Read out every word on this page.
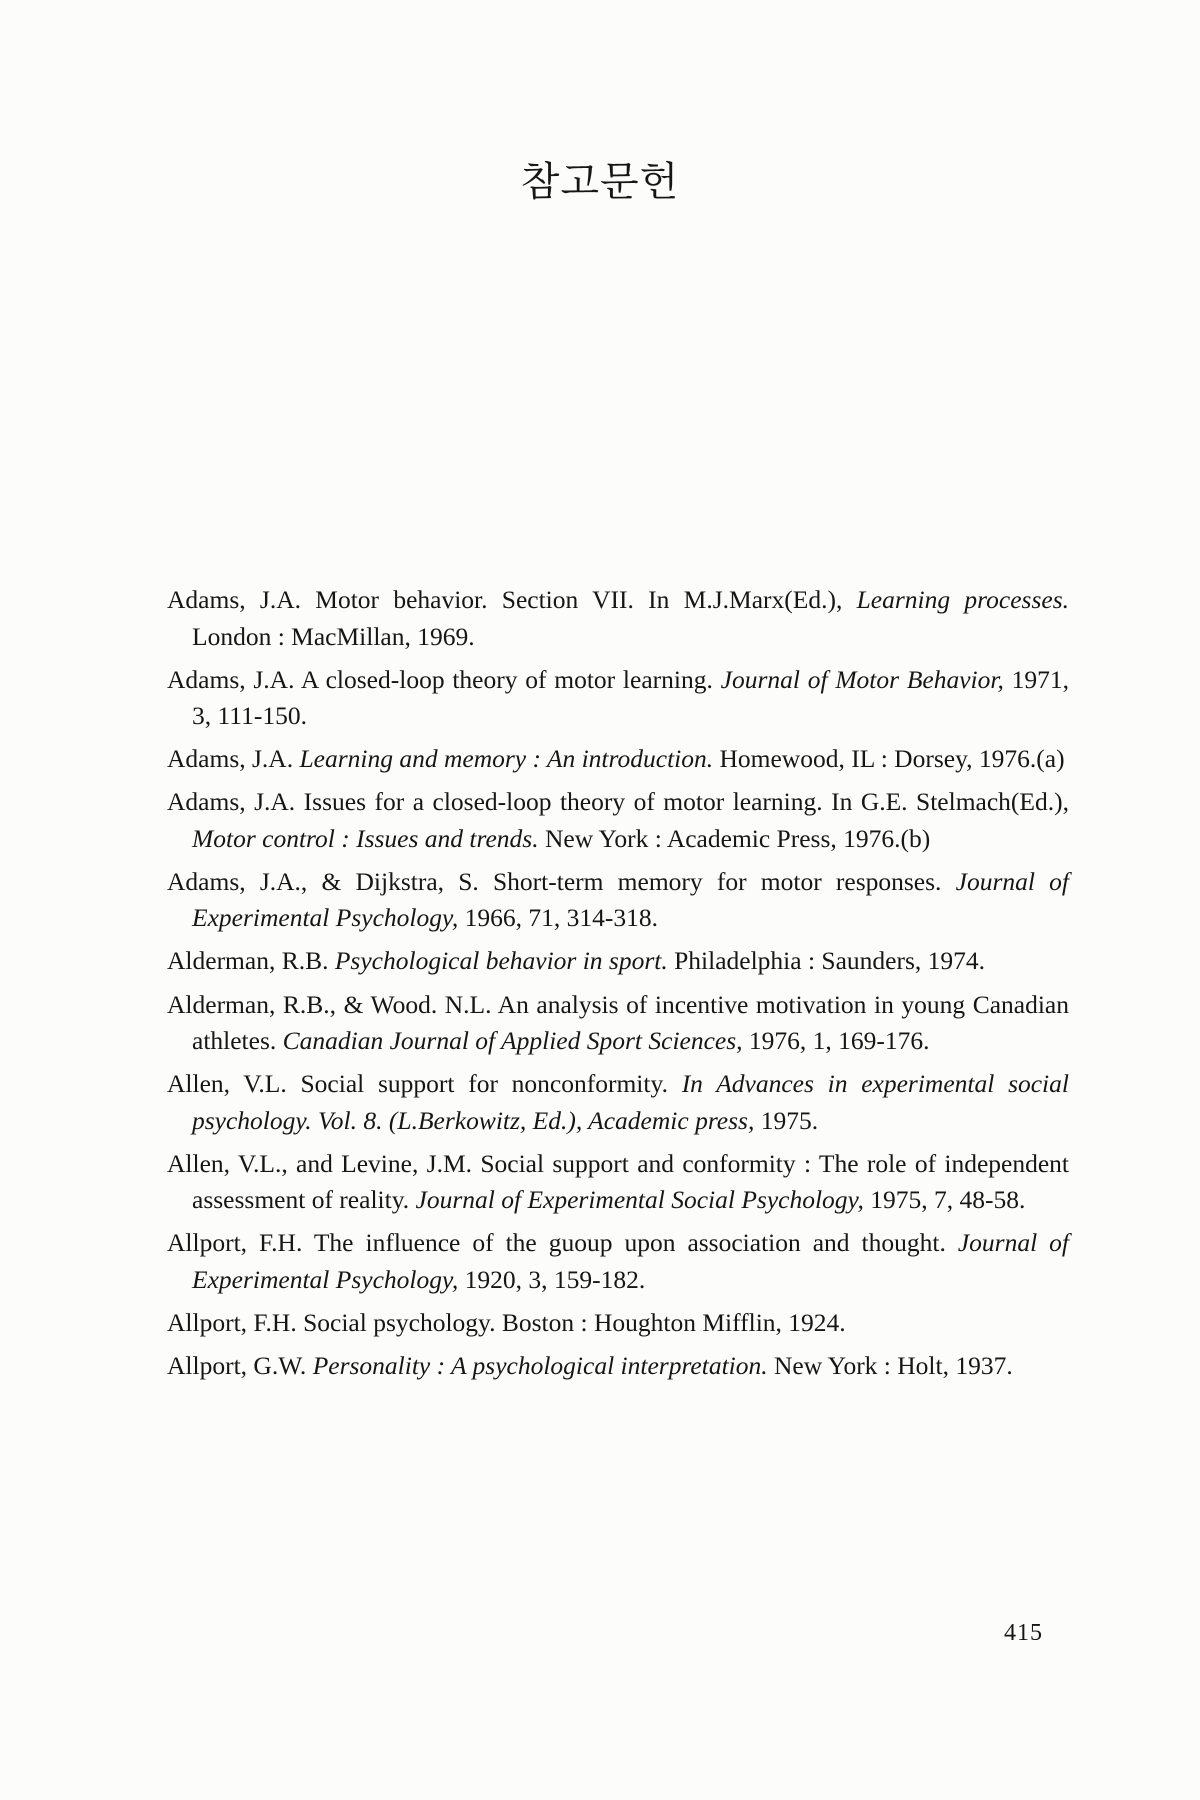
참고문헌
Adams, J.A. Motor behavior. Section VII. In M.J.Marx(Ed.), Learning processes. London : MacMillan, 1969.
Adams, J.A. A closed-loop theory of motor learning. Journal of Motor Behavior, 1971, 3, 111-150.
Adams, J.A. Learning and memory : An introduction. Homewood, IL : Dorsey, 1976.(a)
Adams, J.A. Issues for a closed-loop theory of motor learning. In G.E. Stelmach(Ed.), Motor control : Issues and trends. New York : Academic Press, 1976.(b)
Adams, J.A., & Dijkstra, S. Short-term memory for motor responses. Journal of Experimental Psychology, 1966, 71, 314-318.
Alderman, R.B. Psychological behavior in sport. Philadelphia : Saunders, 1974.
Alderman, R.B., & Wood. N.L. An analysis of incentive motivation in young Canadian athletes. Canadian Journal of Applied Sport Sciences, 1976, 1, 169-176.
Allen, V.L. Social support for nonconformity. In Advances in experimental social psychology. Vol. 8. (L.Berkowitz, Ed.), Academic press, 1975.
Allen, V.L., and Levine, J.M. Social support and conformity : The role of independent assessment of reality. Journal of Experimental Social Psychology, 1975, 7, 48-58.
Allport, F.H. The influence of the guoup upon association and thought. Journal of Experimental Psychology, 1920, 3, 159-182.
Allport, F.H. Social psychology. Boston : Houghton Mifflin, 1924.
Allport, G.W. Personality : A psychological interpretation. New York : Holt, 1937.
415
